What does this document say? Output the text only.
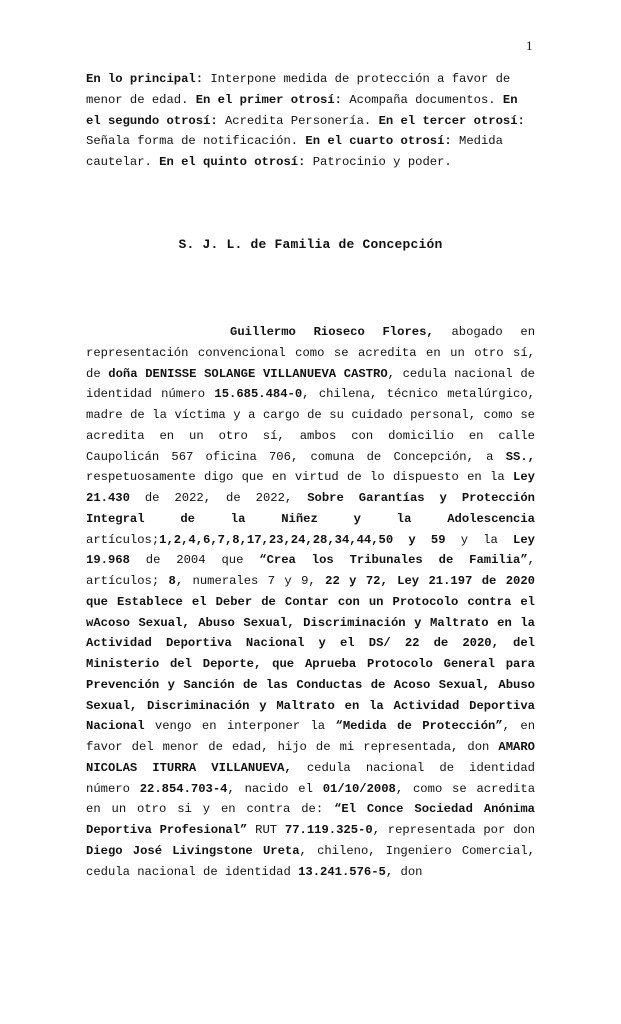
1
En lo principal: Interpone medida de protección a favor de menor de edad. En el primer otrosí: Acompaña documentos. En el segundo otrosí: Acredita Personería. En el tercer otrosí: Señala forma de notificación. En el cuarto otrosí: Medida cautelar. En el quinto otrosí: Patrocinio y poder.
S. J. L. de Familia de Concepción
Guillermo Rioseco Flores, abogado en representación convencional como se acredita en un otro sí, de doña DENISSE SOLANGE VILLANUEVA CASTRO, cedula nacional de identidad número 15.685.484-0, chilena, técnico metalúrgico, madre de la víctima y a cargo de su cuidado personal, como se acredita en un otro sí, ambos con domicilio en calle Caupolicán 567 oficina 706, comuna de Concepción, a SS., respetuosamente digo que en virtud de lo dispuesto en la Ley 21.430 de 2022, de 2022, Sobre Garantías y Protección Integral de la Niñez y la Adolescencia artículos;1,2,4,6,7,8,17,23,24,28,34,44,50 y 59 y la Ley 19.968 de 2004 que “Crea los Tribunales de Familia”, artículos; 8, numerales 7 y 9, 22 y 72, Ley 21.197 de 2020 que Establece el Deber de Contar con un Protocolo contra el wAcoso Sexual, Abuso Sexual, Discriminación y Maltrato en la Actividad Deportiva Nacional y el DS/ 22 de 2020, del Ministerio del Deporte, que Aprueba Protocolo General para Prevención y Sanción de las Conductas de Acoso Sexual, Abuso Sexual, Discriminación y Maltrato en la Actividad Deportiva Nacional vengo en interponer la “Medida de Protección”, en favor del menor de edad, hijo de mi representada, don AMARO NICOLAS ITURRA VILLANUEVA, cedula nacional de identidad número 22.854.703-4, nacido el 01/10/2008, como se acredita en un otro si y en contra de: “El Conce Sociedad Anónima Deportiva Profesional” RUT 77.119.325-0, representada por don Diego José Livingstone Ureta, chileno, Ingeniero Comercial, cedula nacional de identidad 13.241.576-5, don
